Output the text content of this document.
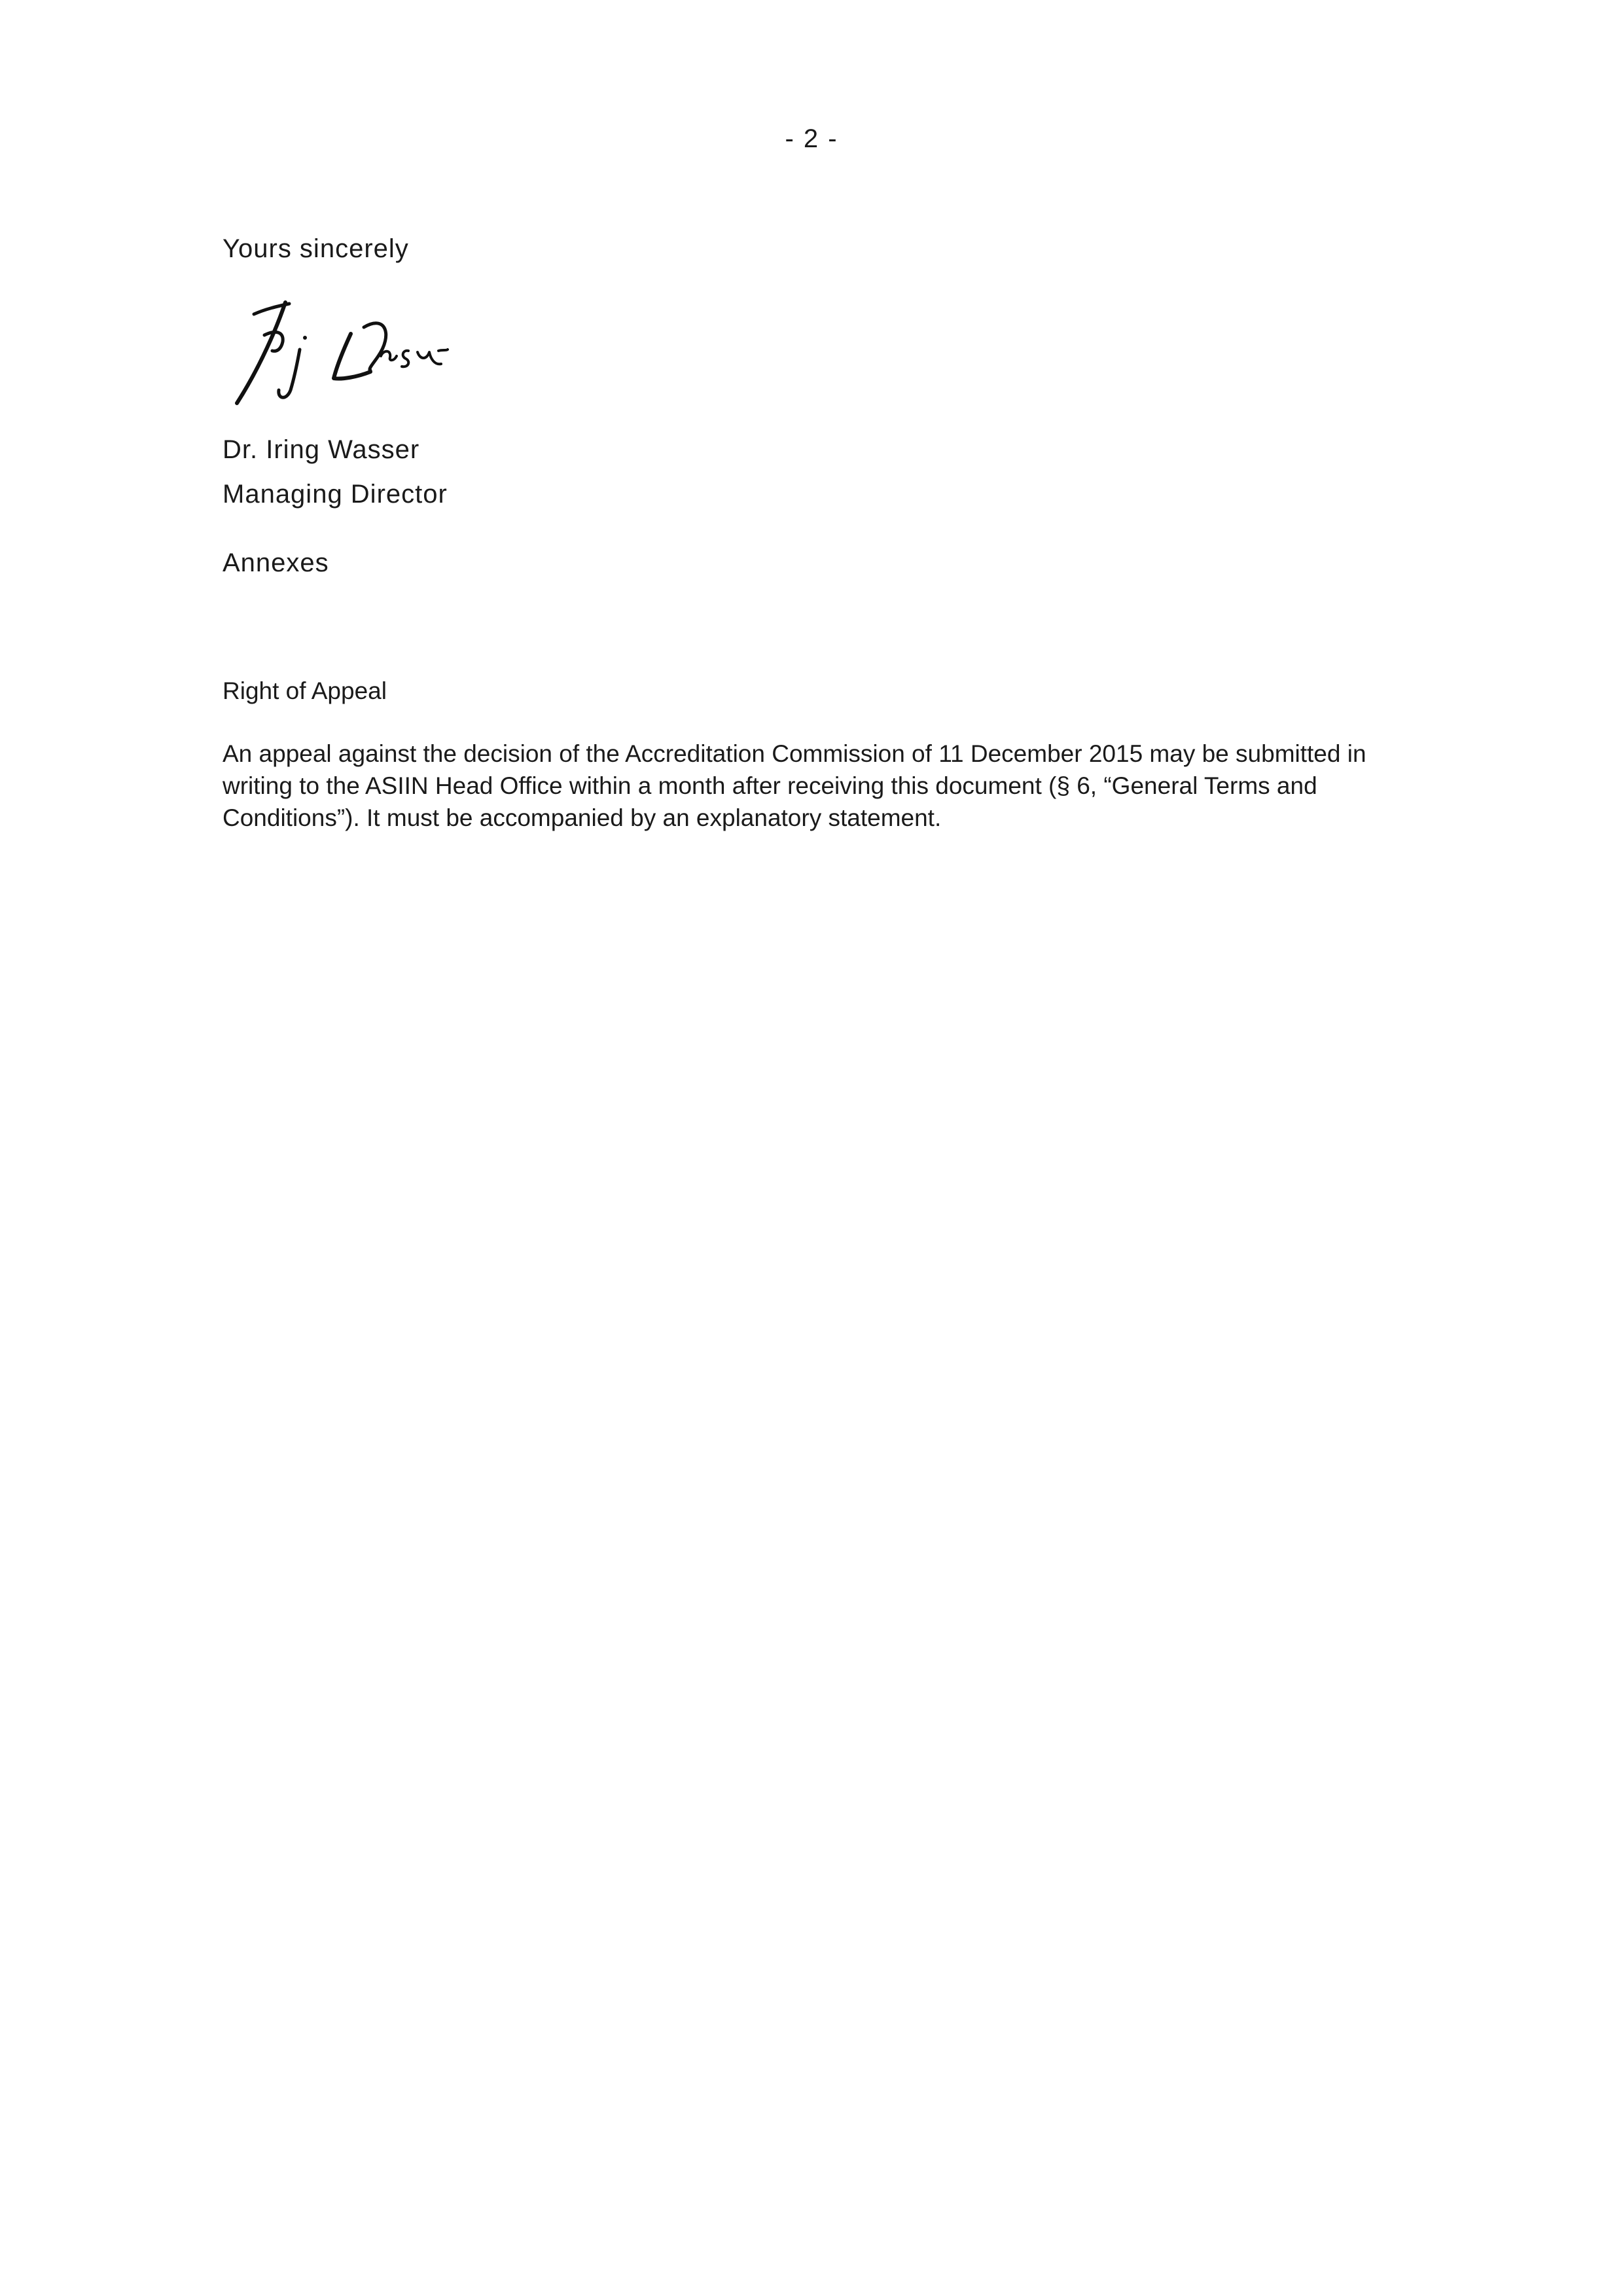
- 2 -
Yours sincerely
Dr. Iring Wasser
Managing Director
Annexes
Right of Appeal
An appeal against the decision of the Accreditation Commission of 11 December 2015 may be submitted in
writing to the ASIIN Head Office within a month after receiving this document (§ 6, “General Terms and
Conditions”). It must be accompanied by an explanatory statement.
